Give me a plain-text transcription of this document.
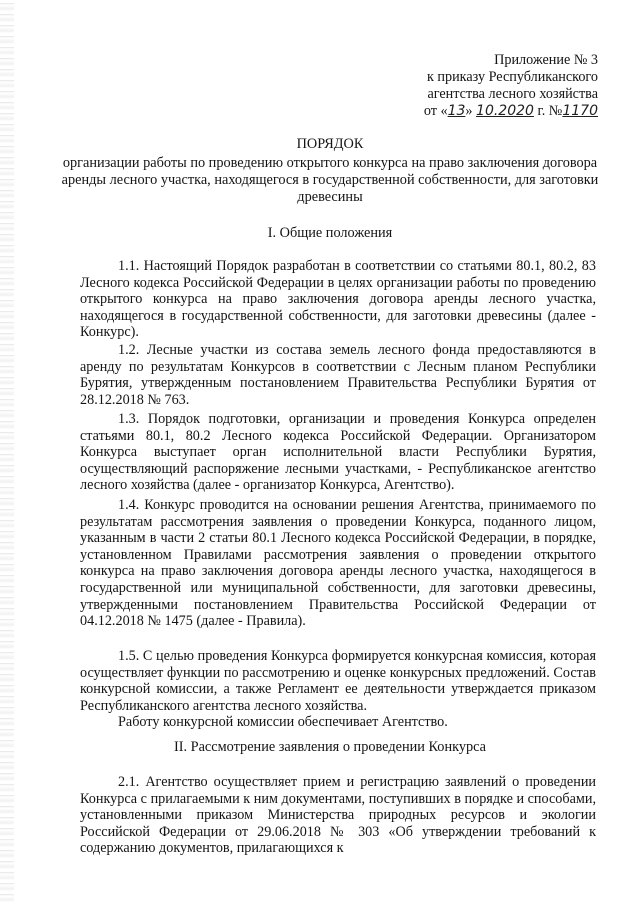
Приложение № 3
к приказу Республиканского
агентства лесного хозяйства
от «13» 10.2020 г. №1170
ПОРЯДОК
организации работы по проведению открытого конкурса на право заключения договора аренды лесного участка, находящегося в государственной собственности, для заготовки древесины
I. Общие положения

1.1. Настоящий Порядок разработан в соответствии со статьями 80.1, 80.2, 83 Лесного кодекса Российской Федерации в целях организации работы по проведению открытого конкурса на право заключения договора аренды лесного участка, находящегося в государственной собственности, для заготовки древесины (далее - Конкурс).

1.2. Лесные участки из состава земель лесного фонда предоставляются в аренду по результатам Конкурсов в соответствии с Лесным планом Республики Бурятия, утвержденным постановлением Правительства Республики Бурятия от 28.12.2018 № 763.

1.3. Порядок подготовки, организации и проведения Конкурса определен статьями 80.1, 80.2 Лесного кодекса Российской Федерации. Организатором Конкурса выступает орган исполнительной власти Республики Бурятия, осуществляющий распоряжение лесными участками, - Республиканское агентство лесного хозяйства (далее - организатор Конкурса, Агентство).

1.4. Конкурс проводится на основании решения Агентства, принимаемого по результатам рассмотрения заявления о проведении Конкурса, поданного лицом, указанным в части 2 статьи 80.1 Лесного кодекса Российской Федерации, в порядке, установленном Правилами рассмотрения заявления о проведении открытого конкурса на право заключения договора аренды лесного участка, находящегося в государственной или муниципальной собственности, для заготовки древесины, утвержденными постановлением Правительства Российской Федерации от 04.12.2018 № 1475 (далее - Правила).

1.5. С целью проведения Конкурса формируется конкурсная комиссия, которая осуществляет функции по рассмотрению и оценке конкурсных предложений. Состав конкурсной комиссии, а также Регламент ее деятельности утверждается приказом Республиканского агентства лесного хозяйства.

Работу конкурсной комиссии обеспечивает Агентство.

II. Рассмотрение заявления о проведении Конкурса

2.1. Агентство осуществляет прием и регистрацию заявлений о проведении Конкурса с прилагаемыми к ним документами, поступивших в порядке и способами, установленными приказом Министерства природных ресурсов и экологии Российской Федерации от 29.06.2018 № 303 «Об утверждении требований к содержанию документов, прилагающихся к
